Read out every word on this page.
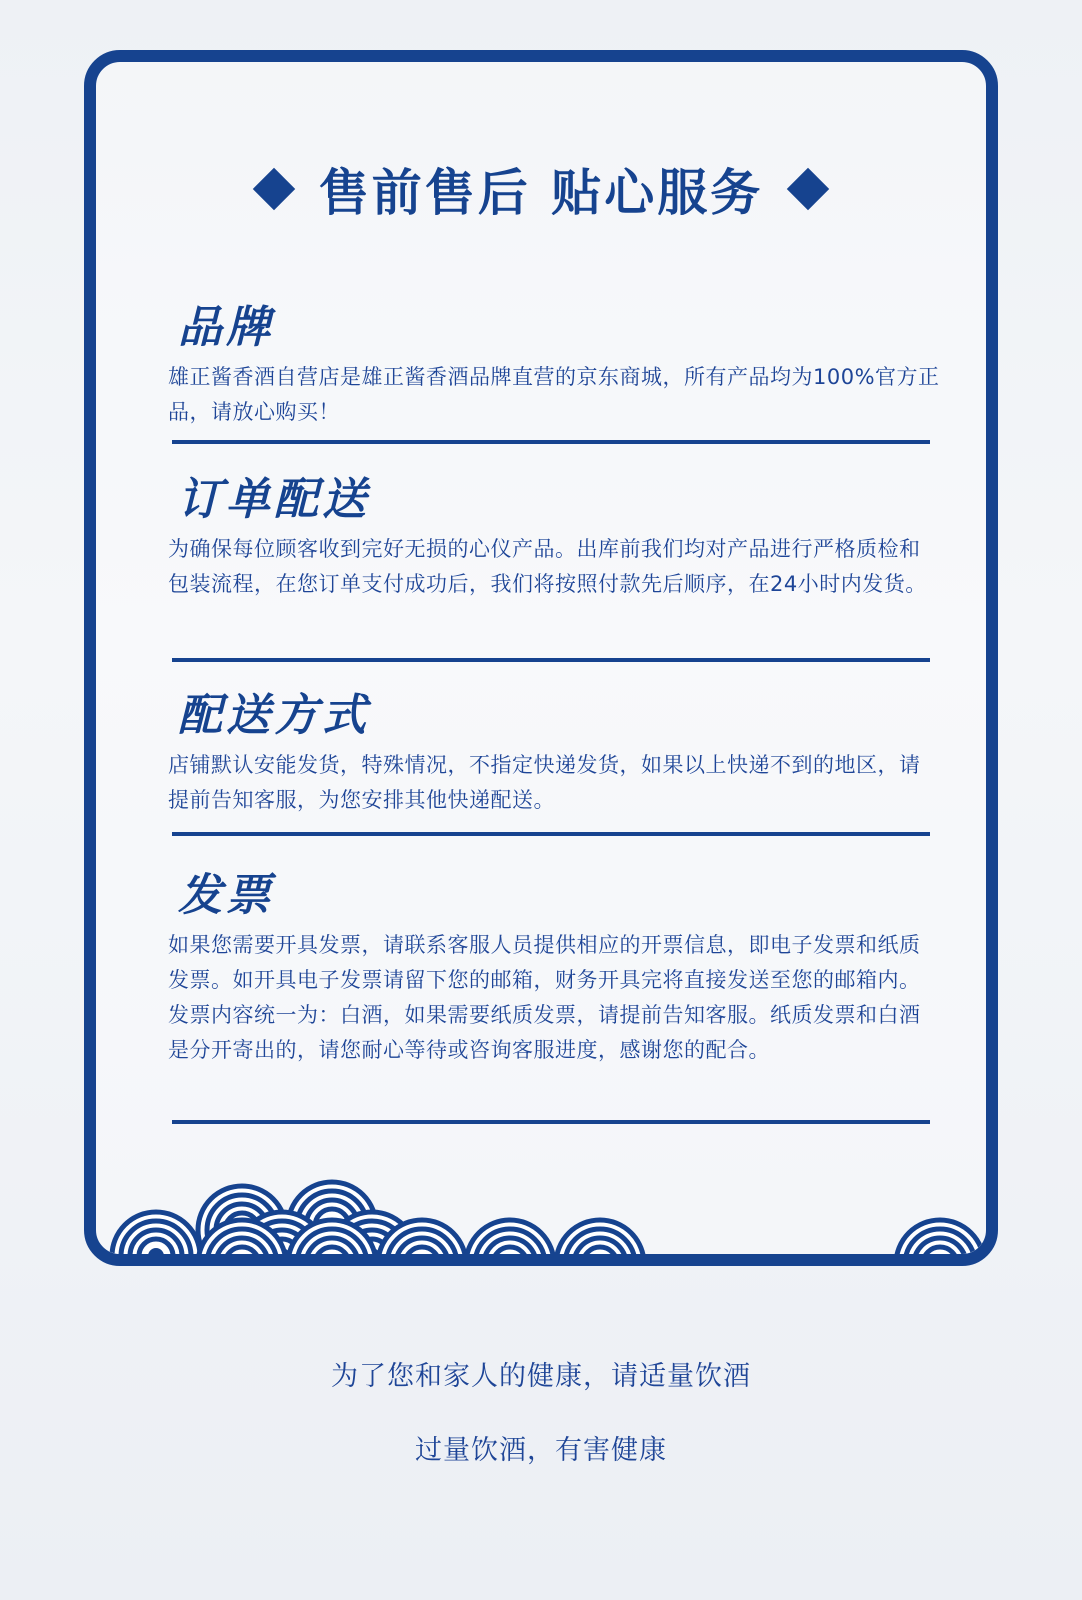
售前售后 贴心服务
品牌
雄正酱香酒自营店是雄正酱香酒品牌直营的京东商城，所有产品均为100%官方正品，请放心购买！
订单配送
为确保每位顾客收到完好无损的心仪产品。出库前我们均对产品进行严格质检和包装流程，在您订单支付成功后，我们将按照付款先后顺序，在24小时内发货。
配送方式
店铺默认安能发货，特殊情况，不指定快递发货，如果以上快递不到的地区，请提前告知客服，为您安排其他快递配送。
发票
如果您需要开具发票，请联系客服人员提供相应的开票信息，即电子发票和纸质发票。如开具电子发票请留下您的邮箱，财务开具完将直接发送至您的邮箱内。发票内容统一为：白酒，如果需要纸质发票，请提前告知客服。纸质发票和白酒是分开寄出的，请您耐心等待或咨询客服进度，感谢您的配合。
为了您和家人的健康，请适量饮酒
过量饮酒，有害健康
